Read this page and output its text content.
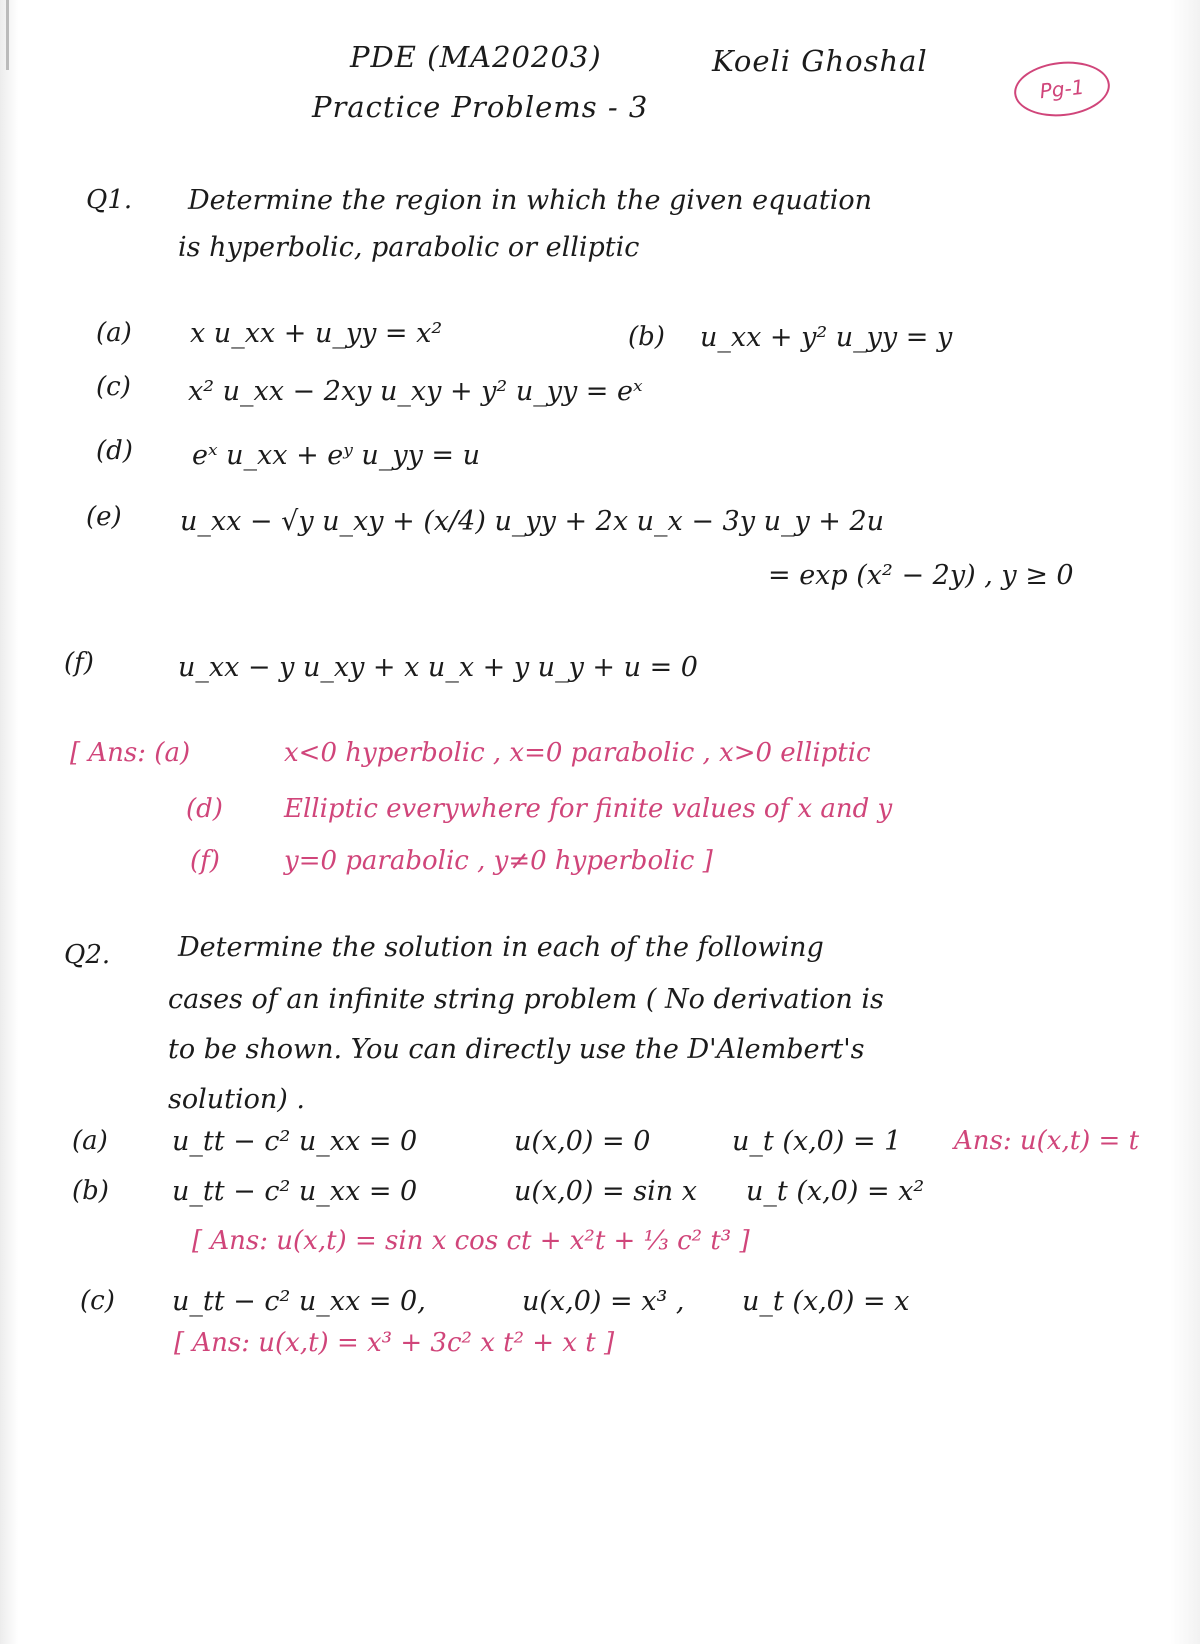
PDE (MA20203)	Koeli Ghoshal
Practice Problems - 3
Pg-1
Q1. Determine the region in which the given equation
is hyperbolic, parabolic or elliptic
(a) x u_xx + u_yy = x²	(b) u_xx + y² u_yy = y
(c) x² u_xx − 2xy u_xy + y² u_yy = eˣ
(d) eˣ u_xx + eʸ u_yy = u
(e) u_xx − √y u_xy + (x/4) u_yy + 2x u_x − 3y u_y + 2u
= exp (x² − 2y) , y ≥ 0
(f)	u_xx − y u_xy + x u_x + y u_y + u = 0
[ Ans: (a)	x<0 hyperbolic , x=0 parabolic , x>0 elliptic
(d) Elliptic everywhere for finite values of x and y
(f) y=0 parabolic , y≠0 hyperbolic ]
Q2.	Determine the solution in each of the following
cases of an infinite string problem ( No derivation is
to be shown. You can directly use the D'Alembert's
solution) .
(a) u_tt − c² u_xx = 0	u(x,0) = 0	u_t (x,0) = 1 Ans: u(x,t) = t
(b) u_tt − c² u_xx = 0	u(x,0) = sin x u_t (x,0) = x²
[ Ans: u(x,t) = sin x cos ct + x²t + ⅓ c² t³ ]
(c) u_tt − c² u_xx = 0,	u(x,0) = x³ , u_t (x,0) = x
[ Ans: u(x,t) = x³ + 3c² x t² + x t ]
